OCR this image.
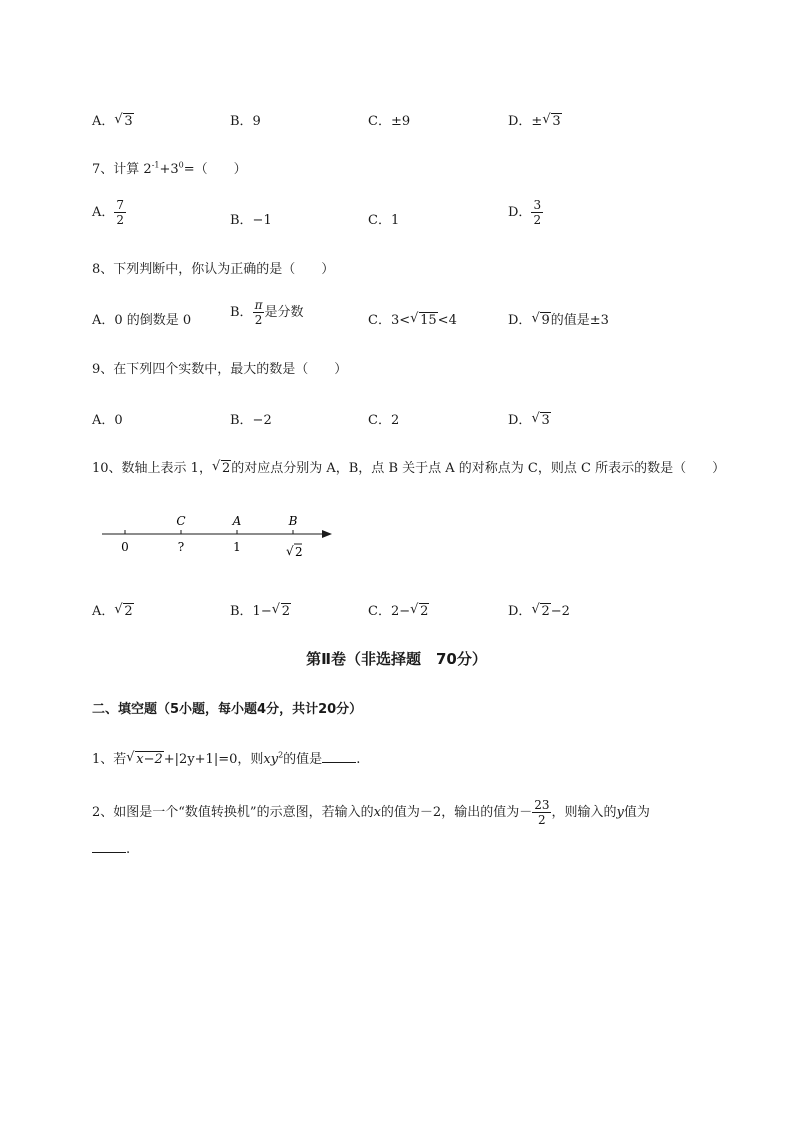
A． √ 3	B．9	C．±9	D．± √ 3
7、计算 $2^{-1}+3^0=$（　　）
A． $\frac{7}{2}$	B．−1	C．1
D． $\frac{3}{2}$
8、下列判断中，你认为正确的是（　　）
A．0 的倒数是 0
B． $\frac{\pi}{2}$ 是分数
C．3< √ 15<4	D． √ 9的值是±3
9、在下列四个实数中，最大的数是（　　）
A．0	B．−2	C．2	D． √ 3
10、数轴上表示 1， √ 2的对应点分别为 A，B，点 B 关于点 A 的对称点为 C，则点 C 所表示的数是（　　）
C	A	B
0	?	1	√ 2
A． √ 2	B．1− √ 2	C．2− √ 2	D． √ 2−2
第Ⅱ卷（非选择题　70分）
二、填空题（5小题，每小题4分，共计20分）
1、若 √ x−2+|2y+1|=0，则$xy^2$的值是	.
2、如图是一个“数值转换机”的示意图，若输入的x的值为－2，输出的值为－ $\frac{23}{2}$ ，则输入的y值为
.
